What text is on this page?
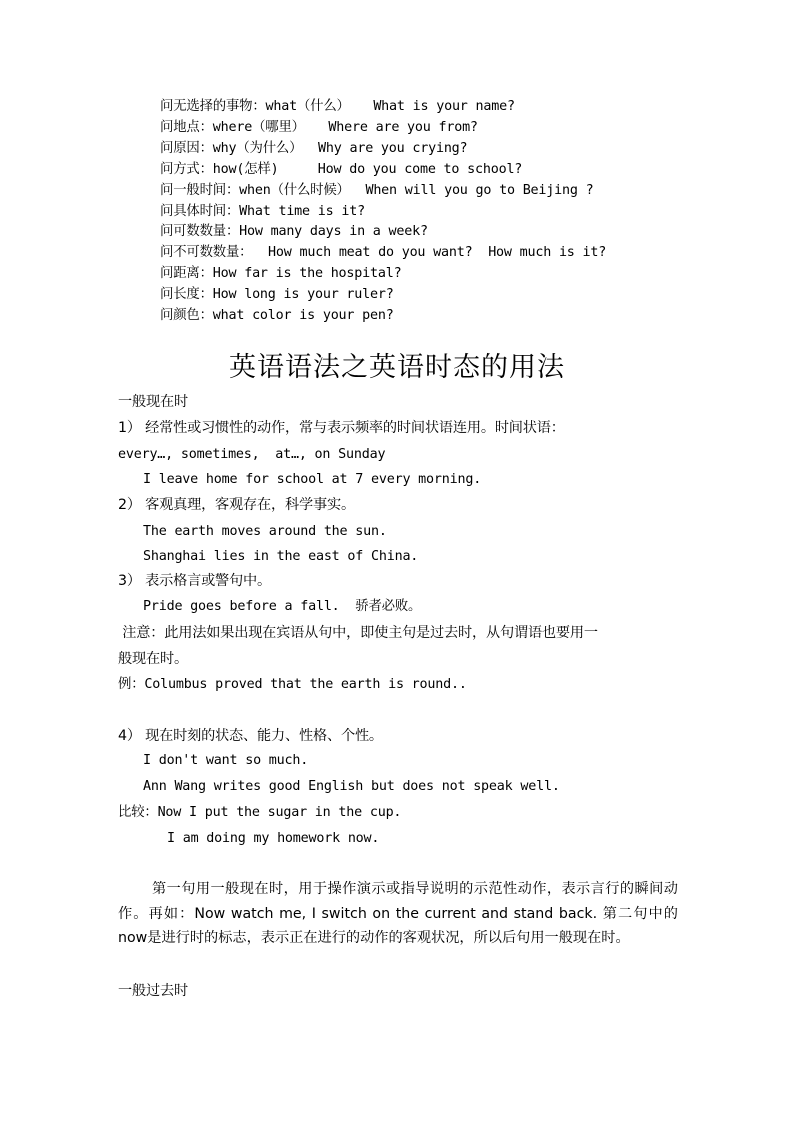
问无选择的事物：what（什么）   What is your name?
问地点：where（哪里）   Where are you from?
问原因：why（为什么）  Why are you crying?
问方式：how(怎样)     How do you come to school?
问一般时间：when（什么时候）  When will you go to Beijing ?
问具体时间：What time is it?
问可数数量：How many days in a week?
问不可数数量：  How much meat do you want?  How much is it?
问距离：How far is the hospital?
问长度：How long is your ruler?
问颜色：what color is your pen?
英语语法之英语时态的用法
一般现在时
1） 经常性或习惯性的动作，常与表示频率的时间状语连用。时间状语：
every…, sometimes,  at…, on Sunday
I leave home for school at 7 every morning.
2） 客观真理，客观存在，科学事实。
The earth moves around the sun.
Shanghai lies in the east of China.
3） 表示格言或警句中。
Pride goes before a fall.  骄者必败。
注意：此用法如果出现在宾语从句中，即使主句是过去时，从句谓语也要用一
般现在时。
例：Columbus proved that the earth is round..
4） 现在时刻的状态、能力、性格、个性。
I don't want so much.
Ann Wang writes good English but does not speak well.
比较：Now I put the sugar in the cup.
I am doing my homework now.
第一句用一般现在时，用于操作演示或指导说明的示范性动作，表示言行的瞬间动作。再如：Now watch me, I switch on the current and stand back. 第二句中的now是进行时的标志，表示正在进行的动作的客观状况，所以后句用一般现在时。
一般过去时
